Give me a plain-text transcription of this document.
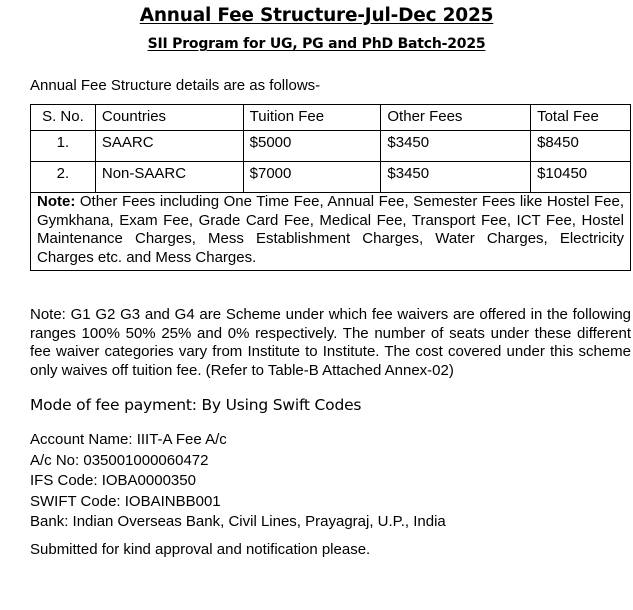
Annual Fee Structure-Jul-Dec 2025
SII Program for UG, PG and PhD Batch-2025
Annual Fee Structure details are as follows-
S. No.	Countries	Tuition Fee	Other Fees	Total Fee
1.	SAARC	$5000	$3450	$8450
2.	Non-SAARC	$7000	$3450	$10450
Note: Other Fees including One Time Fee, Annual Fee, Semester Fees like Hostel Fee, Gymkhana, Exam Fee, Grade Card Fee, Medical Fee, Transport Fee, ICT Fee, Hostel Maintenance Charges, Mess Establishment Charges, Water Charges, Electricity Charges etc. and Mess Charges.				
Note: G1 G2 G3 and G4 are Scheme under which fee waivers are offered in the following ranges 100% 50% 25% and 0% respectively. The number of seats under these different fee waiver categories vary from Institute to Institute. The cost covered under this scheme only waives off tuition fee. (Refer to Table-B Attached Annex-02)
Mode of fee payment: By Using Swift Codes
Account Name: IIIT-A Fee A/c
A/c No: 035001000060472
IFS Code: IOBA0000350
SWIFT Code: IOBAINBB001
Bank: Indian Overseas Bank, Civil Lines, Prayagraj, U.P., India
Submitted for kind approval and notification please.
